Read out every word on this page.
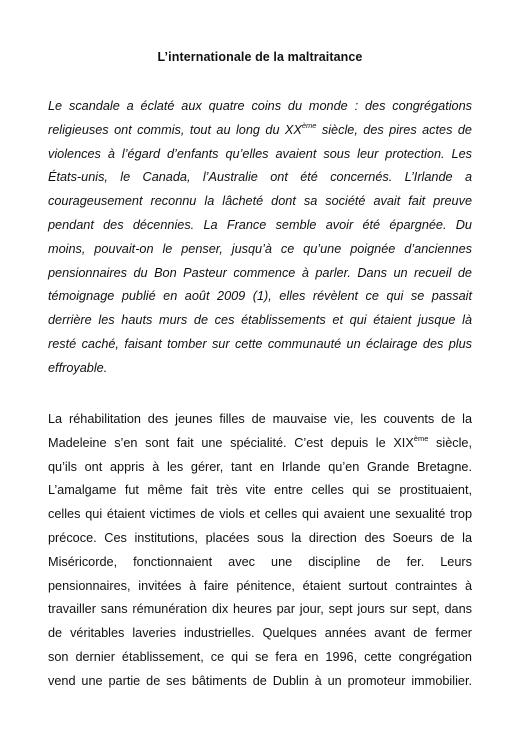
L’internationale de la maltraitance
Le scandale a éclaté aux quatre coins du monde : des congrégations
religieuses ont commis, tout au long du XXème siècle, des pires actes de
violences à l’égard d’enfants qu’elles avaient sous leur protection. Les
États-unis, le Canada, l’Australie ont été concernés. L’Irlande a
courageusement reconnu la lâcheté dont sa société avait fait preuve
pendant des décennies. La France semble avoir été épargnée. Du
moins, pouvait-on le penser, jusqu’à ce qu’une poignée d’anciennes
pensionnaires du Bon Pasteur commence à parler. Dans un recueil de
témoignage publié en août 2009 (1), elles révèlent ce qui se passait
derrière les hauts murs de ces établissements et qui étaient jusque là
resté caché, faisant tomber sur cette communauté un éclairage des plus
effroyable.
La réhabilitation des jeunes filles de mauvaise vie, les couvents de la
Madeleine s’en sont fait une spécialité. C’est depuis le XIXème siècle,
qu’ils ont appris à les gérer, tant en Irlande qu’en Grande Bretagne.
L’amalgame fut même fait très vite entre celles qui se prostituaient,
celles qui étaient victimes de viols et celles qui avaient une sexualité trop
précoce. Ces institutions, placées sous la direction des Soeurs de la
Miséricorde, fonctionnaient avec une discipline de fer. Leurs
pensionnaires, invitées à faire pénitence, étaient surtout contraintes à
travailler sans rémunération dix heures par jour, sept jours sur sept, dans
de véritables laveries industrielles. Quelques années avant de fermer
son dernier établissement, ce qui se fera en 1996, cette congrégation
vend une partie de ses bâtiments de Dublin à un promoteur immobilier.
